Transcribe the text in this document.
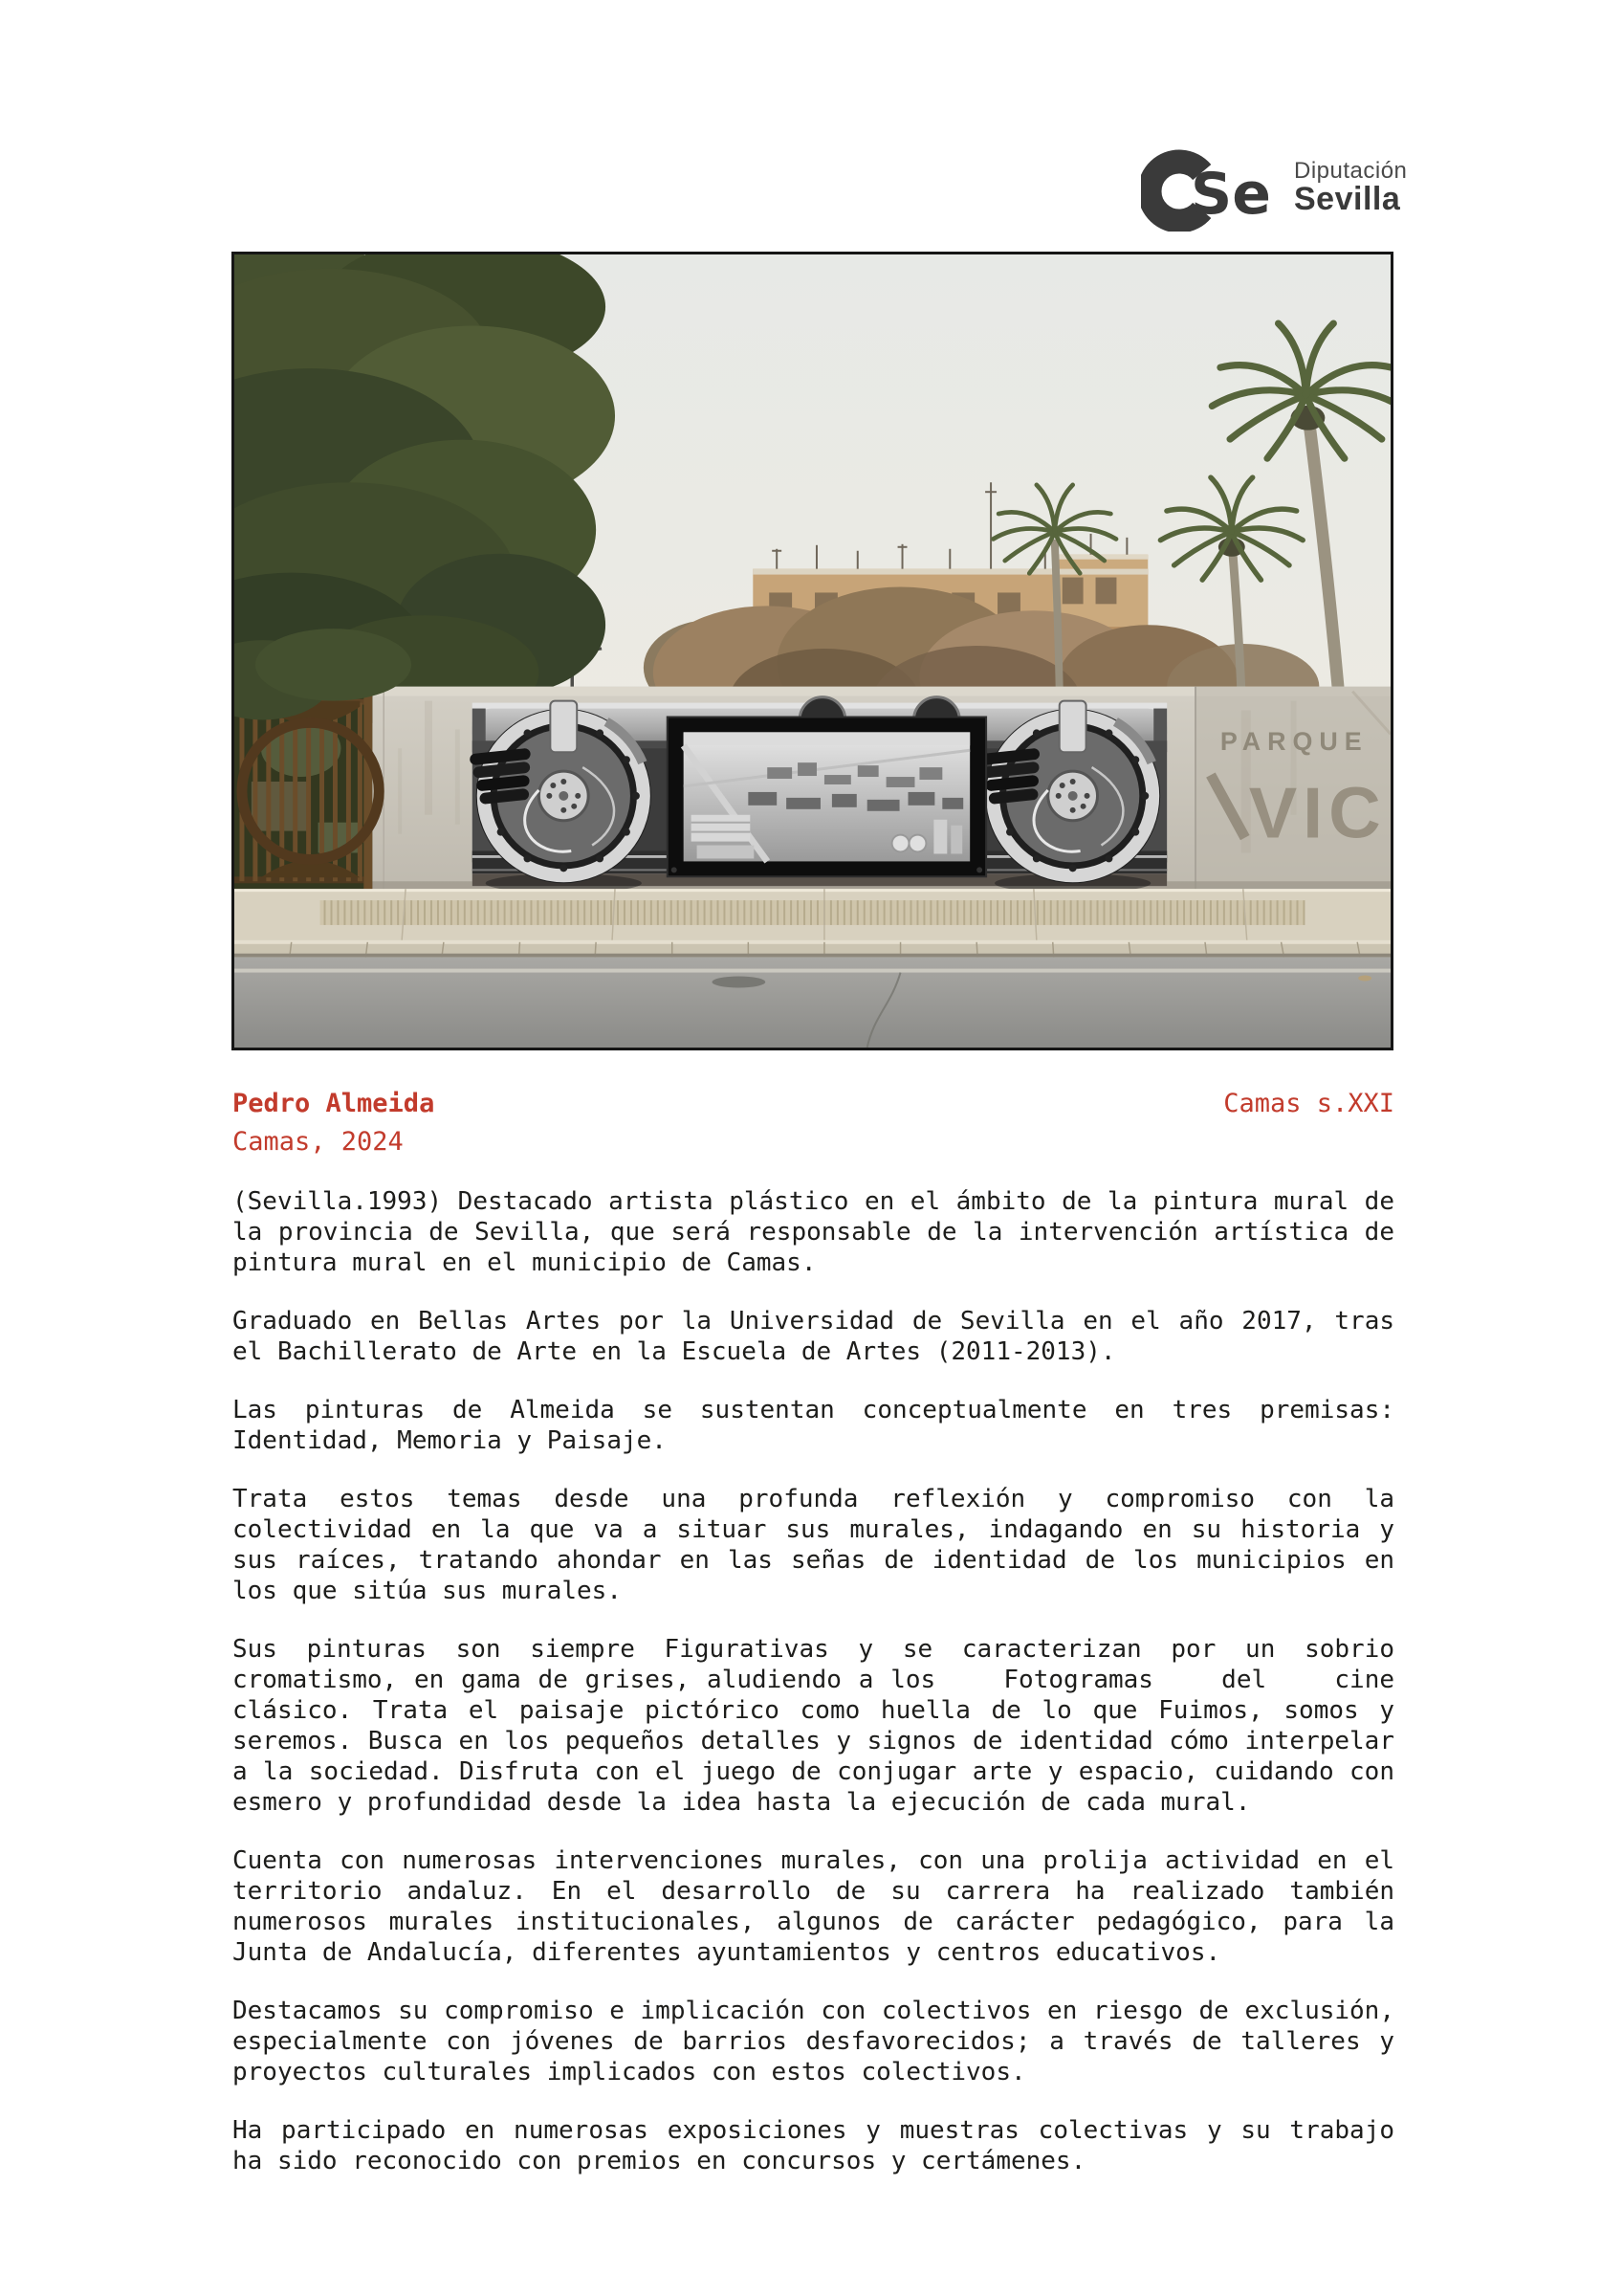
Se Diputación
Sevilla
PARQUE
VIC
Pedro Almeida	Camas s.XXI
Camas, 2024

(Sevilla.1993) Destacado artista plástico en el ámbito de la pintura mural de la provincia de Sevilla, que será responsable de la intervención artística de pintura mural en el municipio de Camas.

Graduado en Bellas Artes por la Universidad de Sevilla en el año 2017, tras el Bachillerato de Arte en la Escuela de Artes (2011-2013).

Las pinturas de Almeida se sustentan conceptualmente en tres premisas: Identidad, Memoria y Paisaje.

Trata estos temas desde una profunda reflexión y compromiso con la colectividad en la que va a situar sus murales, indagando en su historia y sus raíces, tratando ahondar en las señas de identidad de los municipios en los que sitúa sus murales.

Sus pinturas son siempre Figurativas y se caracterizan por un sobrio cromatismo, en gama de grises, aludiendo a los    Fotogramas    del    cine clásico. Trata el paisaje pictórico como huella de lo que Fuimos, somos y seremos. Busca en los pequeños detalles y signos de identidad cómo interpelar a la sociedad. Disfruta con el juego de conjugar arte y espacio, cuidando con esmero y profundidad desde la idea hasta la ejecución de cada mural.

Cuenta con numerosas intervenciones murales, con una prolija actividad en el territorio andaluz. En el desarrollo de su carrera ha realizado también numerosos murales institucionales, algunos de carácter pedagógico, para la Junta de Andalucía, diferentes ayuntamientos y centros educativos.

Destacamos su compromiso e implicación con colectivos en riesgo de exclusión, especialmente con jóvenes de barrios desfavorecidos; a través de talleres y proyectos culturales implicados con estos colectivos.

Ha participado en numerosas exposiciones y muestras colectivas y su trabajo ha sido reconocido con premios en concursos y certámenes.
